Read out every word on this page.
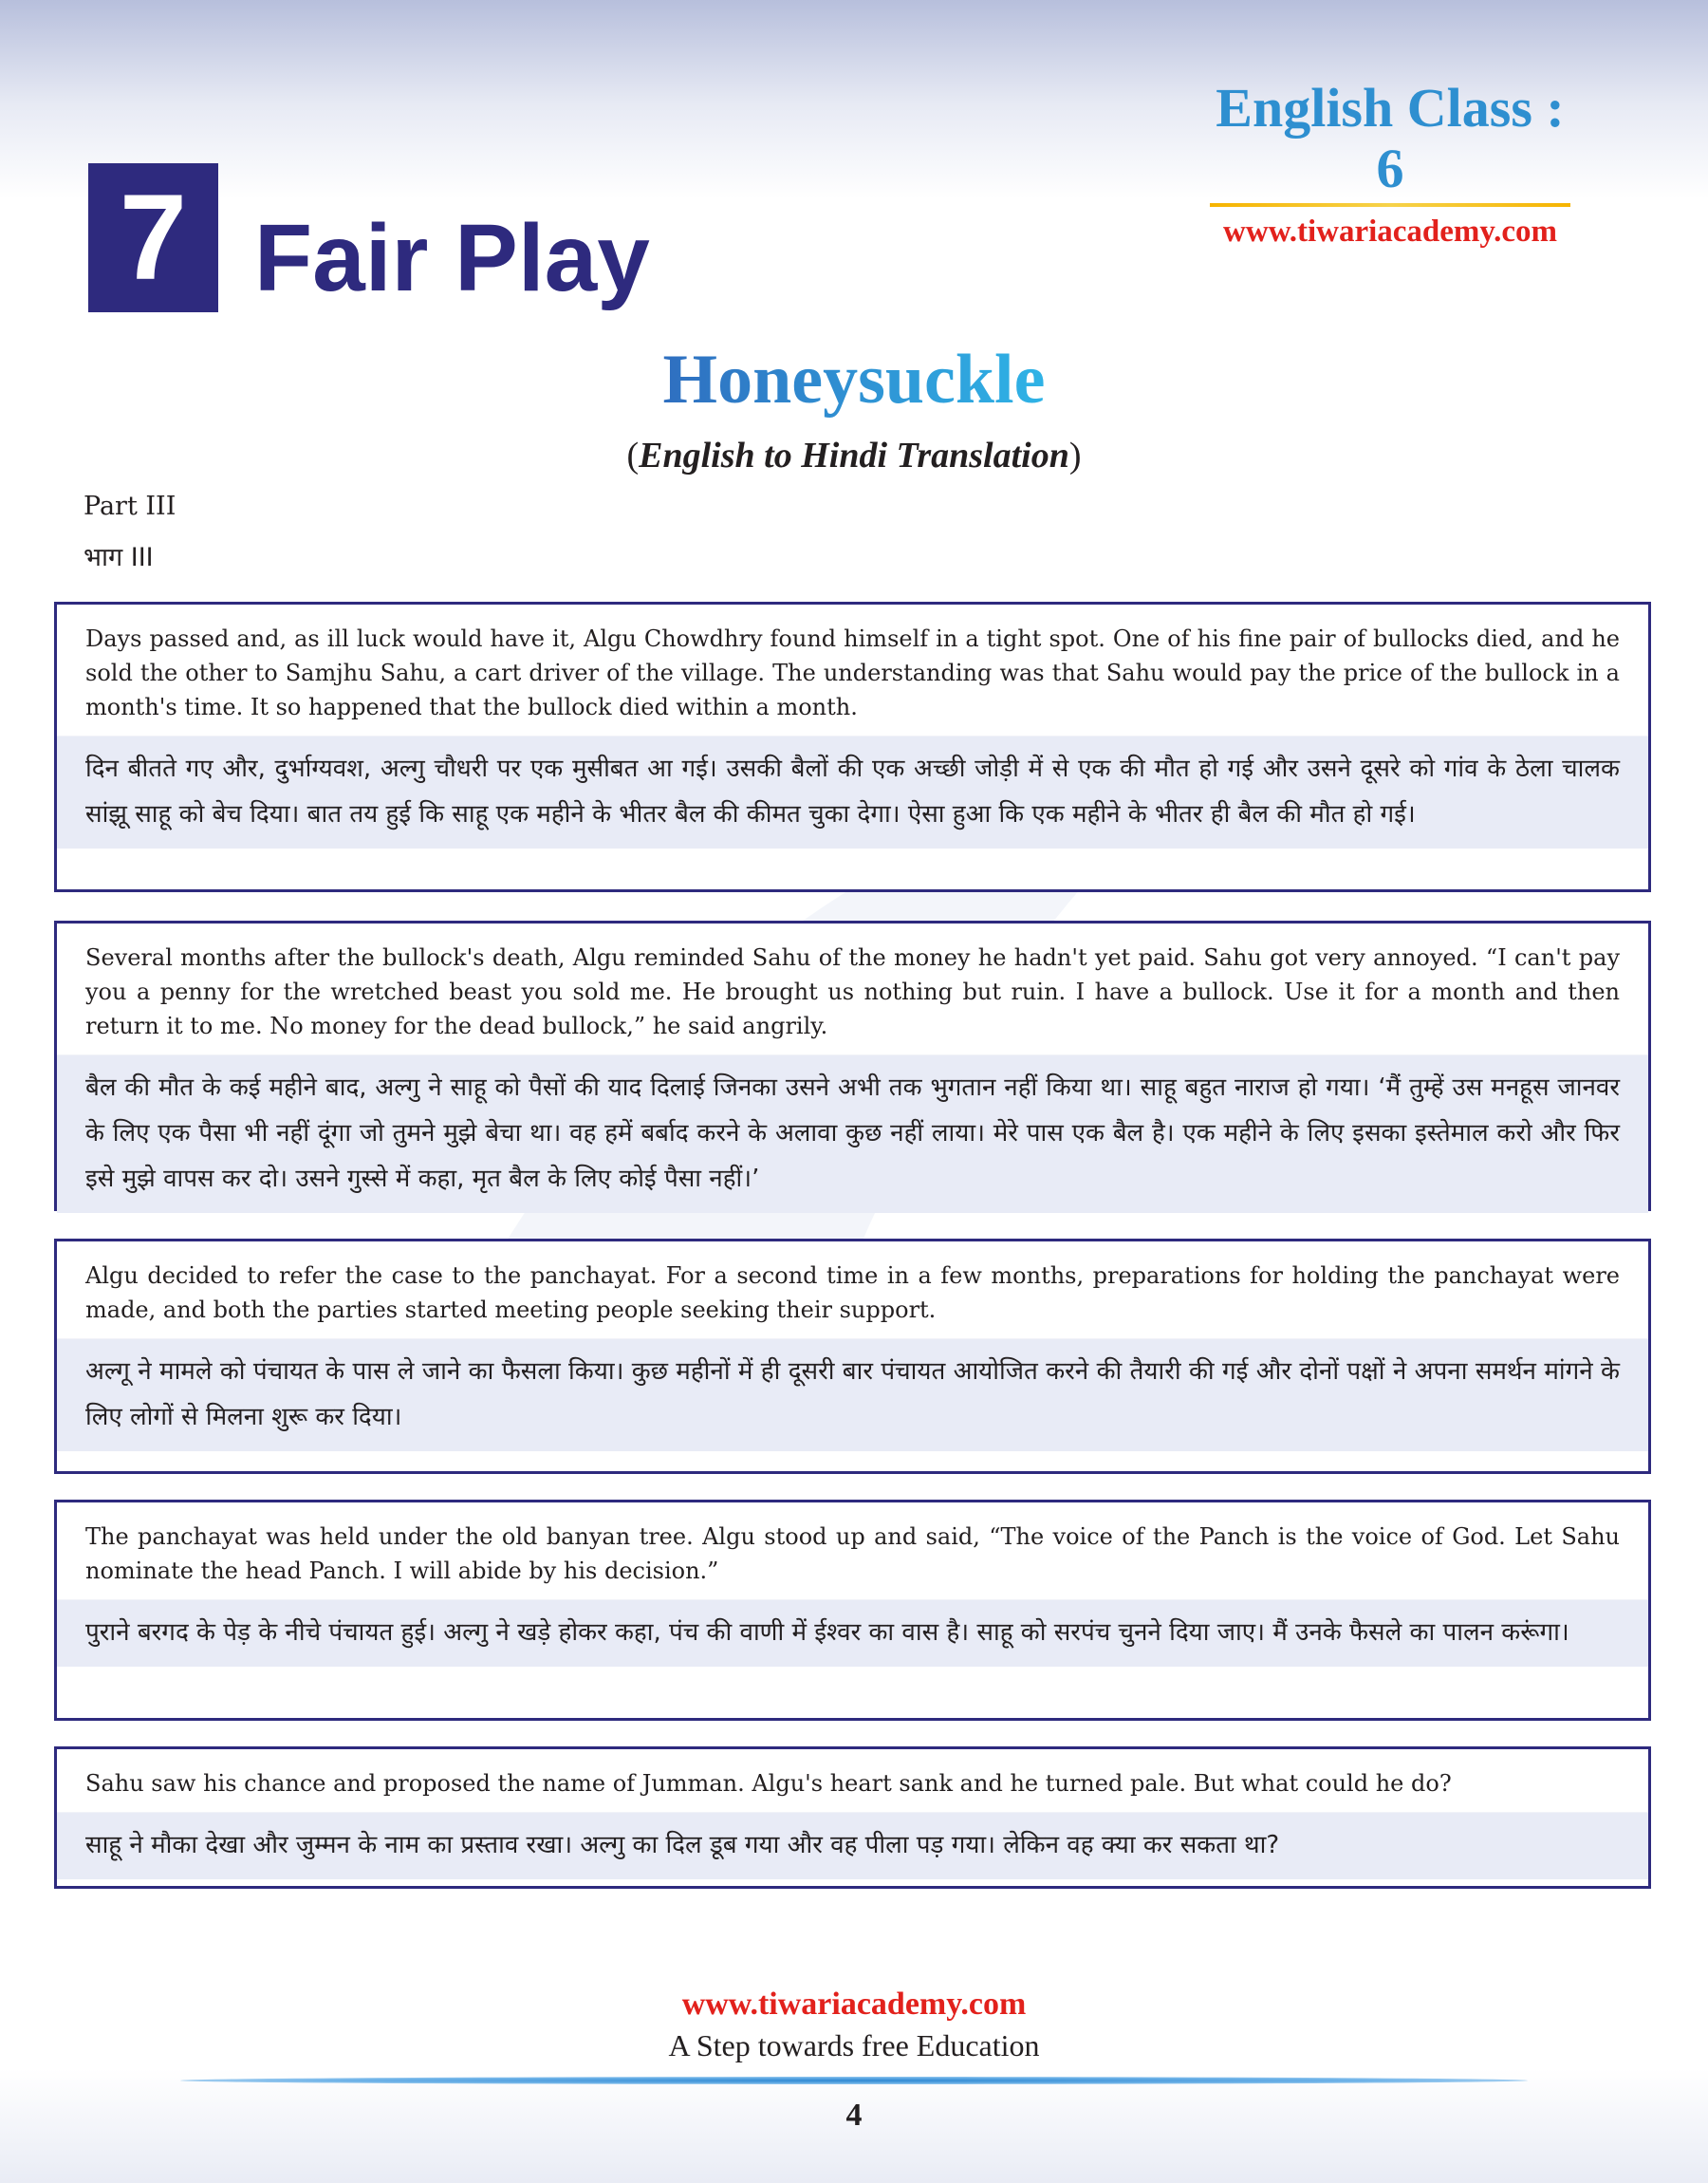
English Class : 6
www.tiwariacademy.com
7 Fair Play
Honeysuckle
(English to Hindi Translation)
Part III
भाग III
Days passed and, as ill luck would have it, Algu Chowdhry found himself in a tight spot. One of his fine pair of bullocks died, and he sold the other to Samjhu Sahu, a cart driver of the village. The understanding was that Sahu would pay the price of the bullock in a month's time. It so happened that the bullock died within a month.
दिन बीतते गए और, दुर्भाग्यवश, अल्गु चौधरी पर एक मुसीबत आ गई। उसकी बैलों की एक अच्छी जोड़ी में से एक की मौत हो गई और उसने दूसरे को गांव के ठेला चालक सांझू साहू को बेच दिया। बात तय हुई कि साहू एक महीने के भीतर बैल की कीमत चुका देगा। ऐसा हुआ कि एक महीने के भीतर ही बैल की मौत हो गई।
Several months after the bullock's death, Algu reminded Sahu of the money he hadn't yet paid. Sahu got very annoyed. “I can't pay you a penny for the wretched beast you sold me. He brought us nothing but ruin. I have a bullock. Use it for a month and then return it to me. No money for the dead bullock,” he said angrily.
बैल की मौत के कई महीने बाद, अल्गु ने साहू को पैसों की याद दिलाई जिनका उसने अभी तक भुगतान नहीं किया था। साहू बहुत नाराज हो गया। ‘मैं तुम्हें उस मनहूस जानवर के लिए एक पैसा भी नहीं दूंगा जो तुमने मुझे बेचा था। वह हमें बर्बाद करने के अलावा कुछ नहीं लाया। मेरे पास एक बैल है। एक महीने के लिए इसका इस्तेमाल करो और फिर इसे मुझे वापस कर दो। उसने गुस्से में कहा, मृत बैल के लिए कोई पैसा नहीं।’
Algu decided to refer the case to the panchayat. For a second time in a few months, preparations for holding the panchayat were made, and both the parties started meeting people seeking their support.
अल्गू ने मामले को पंचायत के पास ले जाने का फैसला किया। कुछ महीनों में ही दूसरी बार पंचायत आयोजित करने की तैयारी की गई और दोनों पक्षों ने अपना समर्थन मांगने के लिए लोगों से मिलना शुरू कर दिया।
The panchayat was held under the old banyan tree. Algu stood up and said, “The voice of the Panch is the voice of God. Let Sahu nominate the head Panch. I will abide by his decision.”
पुराने बरगद के पेड़ के नीचे पंचायत हुई। अल्गु ने खड़े होकर कहा, पंच की वाणी में ईश्वर का वास है। साहू को सरपंच चुनने दिया जाए। मैं उनके फैसले का पालन करूंगा।
Sahu saw his chance and proposed the name of Jumman. Algu's heart sank and he turned pale. But what could he do?
साहू ने मौका देखा और जुम्मन के नाम का प्रस्ताव रखा। अल्गु का दिल डूब गया और वह पीला पड़ गया। लेकिन वह क्या कर सकता था?
www.tiwariacademy.com
A Step towards free Education
4
